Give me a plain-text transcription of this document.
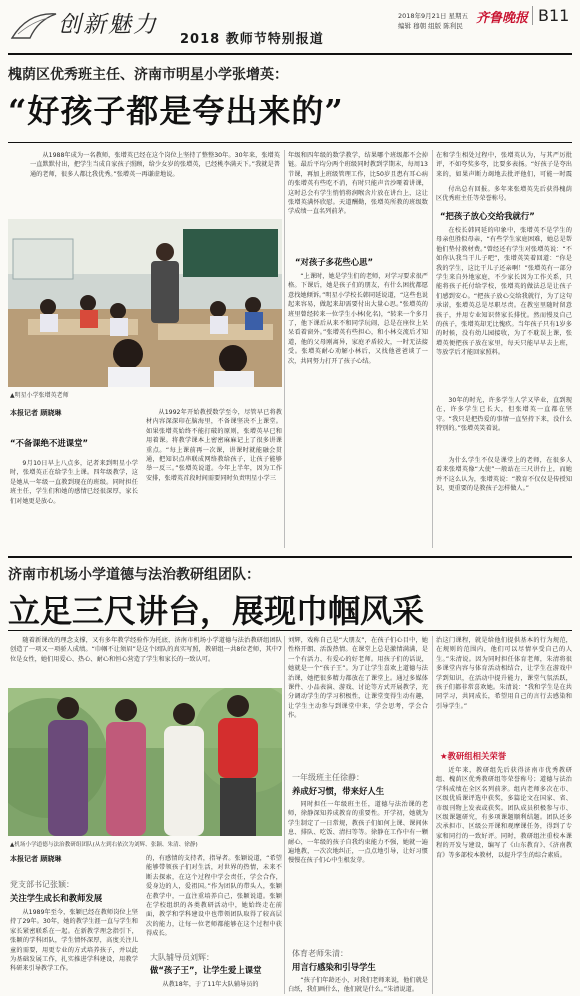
创新魅力
2018 教师节特别报道
2018年9月21日 星期五
编辑 穆朝 组版 陈利民 齐鲁晚报 B11
槐荫区优秀班主任、济南市明星小学张增英：
“好孩子都是夸出来的”
从1988年成为一名教师，张增英已经在这个岗位上坚持了整整30年。30年来，张增英一直默默付出，把学生当成自家孩子照顾，给少女岁的张增英，已经桃李满天下。”我就是普通的老师，很多人都比我优秀。”张增英一再谦虚地说。
▲明星小学张增英老师
本报记者 顾晓琳
“不备课绝不进课堂”
9月10日早上八点多，记者来到明星小学时，张增英正在给学生上课。四年级教学，这是她从一年级一直教到现在的班级。同时担任班主任，学生们和她的感情已经很深厚，家长们对她更是放心。
从1992年开始教授数学至今，尽管早已将教材内容深深印在脑海里，不备课坚决不上课堂。如果张增英始终不能打破的原则，张增英早已和用着课。将教学课本上密密麻麻记上了很多讲课重点。“每上课前再一次课，讲课时就能融会贯通，把知识点串联成网络教给孩子，让孩子能够举一反三。”张增英说道。今年上半年，因为工作安排，张增英首段时间需要同时负责明星小学三
年级和四年级的数学教学，结果哪个班级都不会掉链。最后平均分两个班级同时教到学期末，每周13节课，再加上班级管理工作，比50岁且患有耳心病的张增英有些吃不消，有时只能声音沙哑着讲课，这时总会有学生悄悄将润喉含片放在讲台上，这让张增英满怀欣慰。天道酬勤，张增英所教的班级数学成绩一直名列前茅。
“对孩子多花些心思”
“上课时，她是学生们的老师，对学习要求很严格。下课后，她是孩子们的朋友，有什么困扰都愿意找她倾诉。”明星小学校长韩同延说道，“这些也说起来容易，做起来却需要付出大量心思。”张增英的班里曾经转来一位学生小林(化名)，“转来一个多月了，他下课后从来不和同学玩闹，总是在座位上呆呆看着窗外。”张增英有些担心，和小林交流后才知道，他的父母刚离异，家庭矛盾较大，一时无法接受。张增英耐心劝解小林后，又找他爸爸谈了一次，共同努力打开了孩子心结。
在和学生相处过程中，张增英认为，与其严厉批评，不如夸奖多夸，比要多表扬。“好孩子是夸出来的，如果声断力竭地去批评他们，可能一时震
付出总有回报。多年来张增英先后获得槐荫区优秀班主任等荣誉称号。
“把孩子放心交给我就行”
在校长韩同延的印象中，张增英不是学生的母亲但胜似母亲，“有些学生家庭困难，她总是帮他们垫付教材费。”曾经还有学生对张增英说：“不如你认我当干儿子吧”，张增英笑着回道：“你是我的学生，这比干儿子还亲啊！”张增英有一部分学生来自外地家庭，不少家长因为工作关系，只能将孩子托付给学校，张增英的做法总是让孩子们感到安心。“把孩子放心交给我就行，为了这句承诺，张增英总是尽职尽责。在教室里随时留意孩子，并用专业知识替家长排忧。然而慢及自己的孩子，张增英却无比愧疚。当年孩子只有1岁多的时候，没有幼儿园接收，为了不耽误上课，张增英便把孩子放在家里，每天只能早早去上班，等放学后才能回家照料。
30年的时光，许多学生人学又毕业，直到现在，许多学生已长大，但张增英一直都在坚守。“我只是把热爱的事情一直坚持下来，没什么特别的。”张增英笑着说。
为什么学生不仅是课堂上的老师，在很多人看来张增英像“大使”一般站在三尺讲台上，而她并不这么认为，张增英说：“教育不仅仅是传授知识，更重要的是教孩子怎样做人。”
济南市机场小学道德与法治教研组团队：
立足三尺讲台，展现巾帼风采
随着新课改的理念支撑，又有多年教学经验作为托底，济南市机场小学道德与法治教研组团队创造了一项又一项骄人成绩。“巾帼不让须眉”是这个团队的真实写照，教研组一共8位老师，其中7位是女性，她们用爱心、热心、耐心和恒心营造了学生和家长的一致认可。
▲机场小学道德与法治教研组团队(从左到右依次为刘辉、张颖、朱清、徐静)
本报记者 顾晓琳
党支部书记张颖：
关注学生成长和教师发展
从1989年至今，张颖已经在教师岗位上坚持了29年。30年，她的教学生涯一直与学生和家长紧密联系在一起。在新教学理念指引下，张颖的学科团队，学生情怀深厚，高度关注儿童的需要，用更专业的方式培养孩子，并以此为基础发展工作，扎实推进学科建设，用教学科研来引导教学工作。
的，有感情的支持者，指导者。张颖说道，“希望能够带领孩子们对生活，对世界的热情，未来不断去探索，在这个过程中学会责任，学会合作，爱身边的人，爱祖国。”作为团队的带头人，张颖在教学中，一直注重培养自己，张颖说道。张颖在学校组织的各类教研活动中，她始终走在前面，教学和学科建设中也带领团队取得了较高层次的能力，让每一位老师都能够在这个过程中获得成长。
大队辅导员刘辉：
做“孩子王”，让学生爱上课堂
从教18年，于了11年大队辅导员的
刘辉，戏称自己是“大朋友”，在孩子们心目中，她性格开朗、活泼热情。在课堂上总是激情满满，是一个有活力、有爱心的好老师。用孩子们的话说，她就是一个“孩子王”。为了让学生喜欢上道德与法治课，她把很多精力都放在了课堂上。通过多媒体课件、小品表演、游戏、讨论等方式开展教学，充分调动学生的学习积极性，让课堂变得生动有趣，让学生主动参与到课堂中来，学会思考，学会合作。
一年级班主任徐静：
养成好习惯，带来好人生
同时担任一年级班主任，道德与法治课的老师，徐静深知养成教育的重要性。开学初，她就为学生制定了一日常规，教孩子们如何上课、课间休息、排队、吃饭、清扫等等。徐静在工作中有一颗耐心，一年级的孩子自我约束能力不强，她就一遍遍地教，一次次地纠正，一点点地引导，让好习惯慢慢在孩子们心中生根发芽。
体育老师朱清：
用言行感染和引导学生
“孩子们年龄还小，对我们老师来说，他们就是白纸，我们画什么，他们就是什么。”朱清说道。
治这门课程，就是给他们提供基本的行为规范，在规则的范围内，他们可以尽情享受自己的人生。”朱清说。因为同时担任体育老师，朱清将很多课堂内容与体育活动相结合，让学生在游戏中学到知识，在活动中提升能力，课堂气氛活跃，孩子们都非常喜欢她。朱清说：“我和学生是在共同学习，共同成长，希望用自己的言行去感染和引导学生。”
★教研组相关荣誉
近年来，教研组先后获得济南市优秀教研组、槐荫区优秀教研组等荣誉称号；道德与法治学科成绩在全区名列前茅。组内老师多次在市、区级优质课评选中获奖，多篇论文在国家、省、市级刊物上发表或获奖。团队成员积极参与市、区级课题研究，有多项课题顺利结题。团队还多次承担市、区级公开课和观摩课任务，得到了专家和同行的一致好评。同时，教研组注重校本课程的开发与建设，编写了《山东教育》、《济南教育》等多部校本教材，以提升学生的综合素质。
